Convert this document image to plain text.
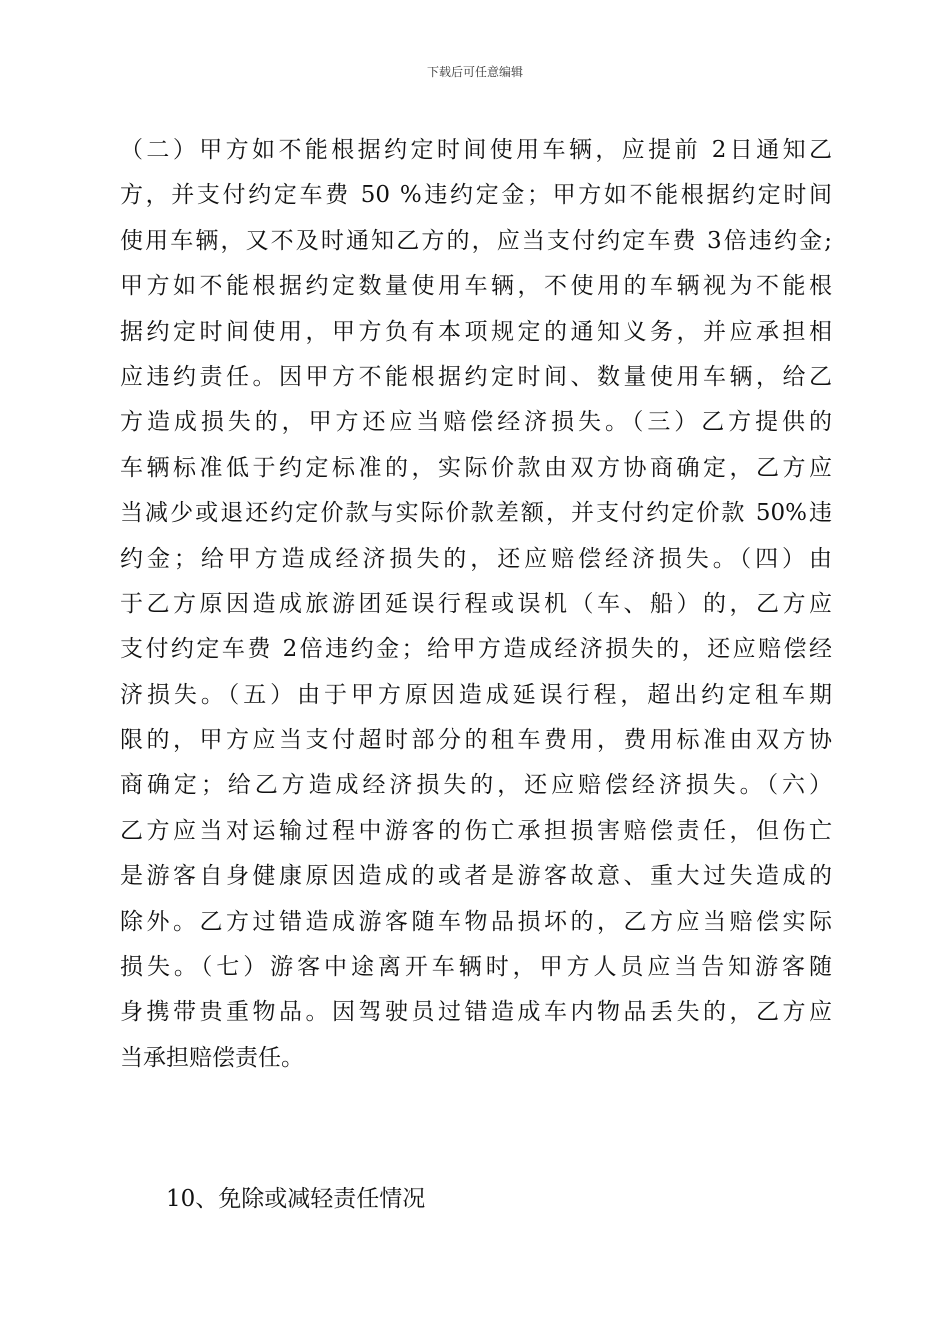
下载后可任意编辑
（二）甲方如不能根据约定时间使用车辆，应提前 2日通知乙
方，并支付约定车费 50 %违约定金；甲方如不能根据约定时间
使用车辆，又不及时通知乙方的，应当支付约定车费 3倍违约金;
甲方如不能根据约定数量使用车辆，不使用的车辆视为不能根
据约定时间使用，甲方负有本项规定的通知义务，并应承担相
应违约责任。因甲方不能根据约定时间、数量使用车辆，给乙
方造成损失的，甲方还应当赔偿经济损失。（三）乙方提供的
车辆标准低于约定标准的，实际价款由双方协商确定，乙方应
当减少或退还约定价款与实际价款差额，并支付约定价款 50%违
约金；给甲方造成经济损失的，还应赔偿经济损失。（四）由
于乙方原因造成旅游团延误行程或误机（车、船）的，乙方应
支付约定车费 2倍违约金；给甲方造成经济损失的，还应赔偿经
济损失。（五）由于甲方原因造成延误行程，超出约定租车期
限的，甲方应当支付超时部分的租车费用，费用标准由双方协
商确定；给乙方造成经济损失的，还应赔偿经济损失。（六）
乙方应当对运输过程中游客的伤亡承担损害赔偿责任，但伤亡
是游客自身健康原因造成的或者是游客故意、重大过失造成的
除外。乙方过错造成游客随车物品损坏的，乙方应当赔偿实际
损失。（七）游客中途离开车辆时，甲方人员应当告知游客随
身携带贵重物品。因驾驶员过错造成车内物品丢失的，乙方应
当承担赔偿责任。
10、免除或减轻责任情况
